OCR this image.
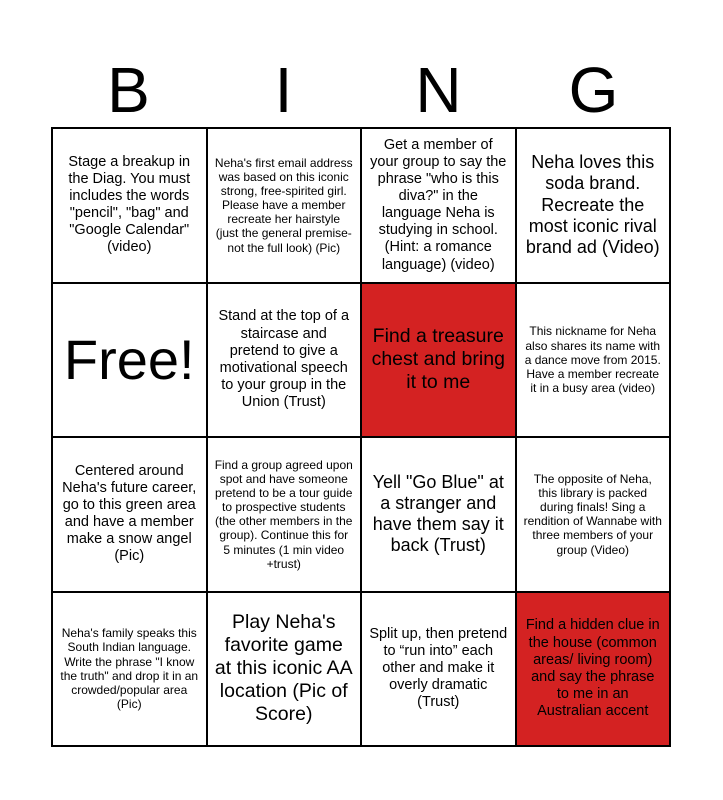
B	I	N	G
Stage a breakup in the Diag. You must includes the words "pencil", "bag" and "Google Calendar" (video)
Neha's first email address was based on this iconic strong, free-spirited girl. Please have a member recreate her hairstyle (just the general premise- not the full look) (Pic)
Get a member of your group to say the phrase "who is this diva?" in the language Neha is studying in school. (Hint: a romance language) (video)
Neha loves this soda brand. Recreate the most iconic rival brand ad (Video)
Free!
Stand at the top of a staircase and pretend to give a motivational speech to your group in the Union (Trust)
Find a treasure chest and bring it to me
This nickname for Neha also shares its name with a dance move from 2015. Have a member recreate it in a busy area (video)
Centered around Neha's future career, go to this green area and have a member make a snow angel (Pic)
Find a group agreed upon spot and have someone pretend to be a tour guide to prospective students (the other members in the group). Continue this for 5 minutes (1 min video +trust)
Yell "Go Blue" at a stranger and have them say it back (Trust)
The opposite of Neha, this library is packed during finals! Sing a rendition of Wannabe with three members of your group (Video)
Neha's family speaks this South Indian language. Write the phrase "I know the truth" and drop it in an crowded/popular area (Pic)
Play Neha's favorite game at this iconic AA location (Pic of Score)
Split up, then pretend to “run into” each other and make it overly dramatic (Trust)
Find a hidden clue in the house (common areas/ living room) and say the phrase to me in an Australian accent
